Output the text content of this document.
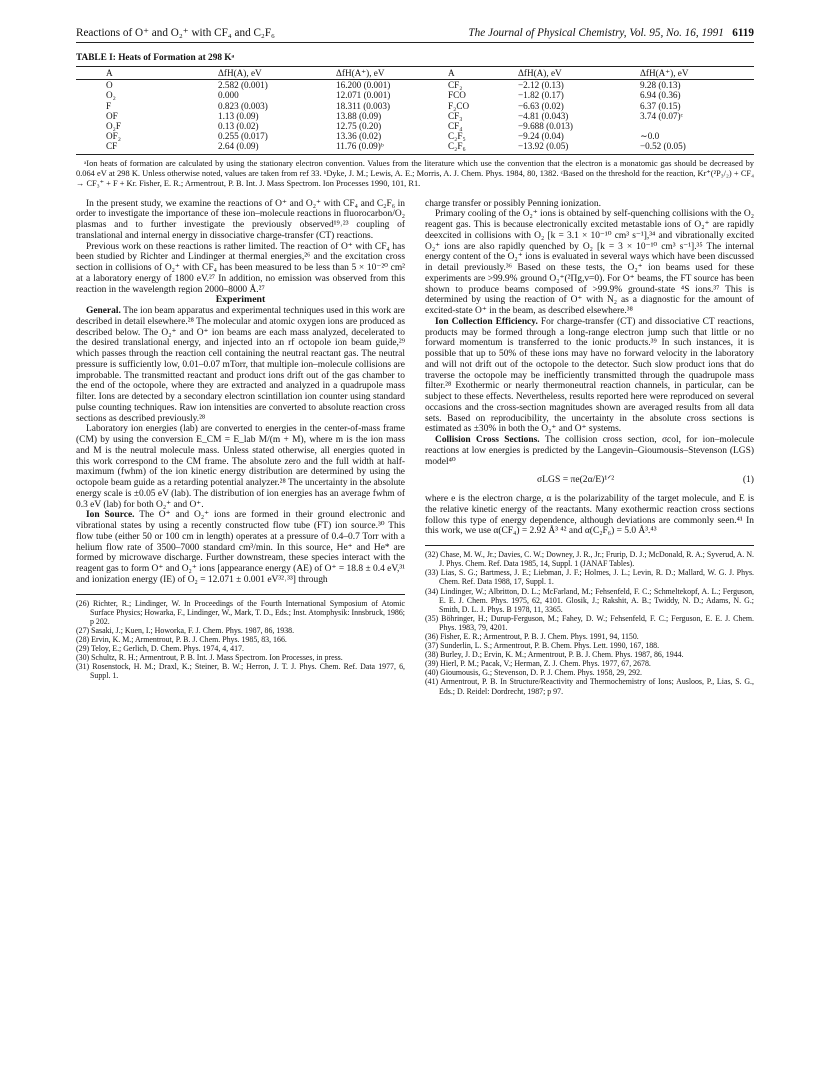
Reactions of O⁺ and O₂⁺ with CF₄ and C₂F₆	The Journal of Physical Chemistry, Vol. 95, No. 16, 1991 6119
TABLE I: Heats of Formation at 298 Kᵃ
A	ΔfH(A), eV	ΔfH(A⁺), eV	A	ΔfH(A), eV	ΔfH(A⁺), eV
O	2.582 (0.001)	16.200 (0.001)	CF₂	−2.12 (0.13)	9.28 (0.13)
O₂	0.000	12.071 (0.001)	FCO	−1.82 (0.17)	6.94 (0.36)
F	0.823 (0.003)	18.311 (0.003)	F₂CO	−6.63 (0.02)	6.37 (0.15)
OF	1.13 (0.09)	13.88 (0.09)	CF₃	−4.81 (0.043)	3.74 (0.07)ᶜ
O₂F	0.13 (0.02)	12.75 (0.20)	CF₄	−9.688 (0.013)	
OF₂	0.255 (0.017)	13.36 (0.02)	C₂F₅	−9.24 (0.04)	∼0.0
CF	2.64 (0.09)	11.76 (0.09)ᵇ	C₂F₆	−13.92 (0.05)	−0.52 (0.05)
ᵃIon heats of formation are calculated by using the stationary electron convention. Values from the literature which use the convention that the electron is a monatomic gas should be decreased by 0.064 eV at 298 K. Unless otherwise noted, values are taken from ref 33. ᵇDyke, J. M.; Lewis, A. E.; Morris, A. J. Chem. Phys. 1984, 80, 1382. ᶜBased on the threshold for the reaction, Kr⁺(²P₃/₂) + CF₄ → CF₃⁺ + F + Kr. Fisher, E. R.; Armentrout, P. B. Int. J. Mass Spectrom. Ion Processes 1990, 101, R1.

In the present study, we examine the reactions of O⁺ and O₂⁺ with CF₄ and C₂F₆ in order to investigate the importance of these ion–molecule reactions in fluorocarbon/O₂ plasmas and to further investigate the previously observed¹⁹˒²³ coupling of translational and internal energy in dissociative charge-transfer (CT) reactions.

Previous work on these reactions is rather limited. The reaction of O⁺ with CF₄ has been studied by Richter and Lindinger at thermal energies,²⁶ and the excitation cross section in collisions of O₂⁺ with CF₄ has been measured to be less than 5 × 10⁻²⁰ cm² at a laboratory energy of 1800 eV.²⁷ In addition, no emission was observed from this reaction in the wavelength region 2000–8000 Å.²⁷

Experiment

General. The ion beam apparatus and experimental techniques used in this work are described in detail elsewhere.²⁸ The molecular and atomic oxygen ions are produced as described below. The O₂⁺ and O⁺ ion beams are each mass analyzed, decelerated to the desired translational energy, and injected into an rf octopole ion beam guide,²⁹ which passes through the reaction cell containing the neutral reactant gas. The neutral pressure is sufficiently low, 0.01–0.07 mTorr, that multiple ion–molecule collisions are improbable. The transmitted reactant and product ions drift out of the gas chamber to the end of the octopole, where they are extracted and analyzed in a quadrupole mass filter. Ions are detected by a secondary electron scintillation ion counter using standard pulse counting techniques. Raw ion intensities are converted to absolute reaction cross sections as described previously.²⁸

Laboratory ion energies (lab) are converted to energies in the center-of-mass frame (CM) by using the conversion E_CM = E_lab M/(m + M), where m is the ion mass and M is the neutral molecule mass. Unless stated otherwise, all energies quoted in this work correspond to the CM frame. The absolute zero and the full width at half-maximum (fwhm) of the ion kinetic energy distribution are determined by using the octopole beam guide as a retarding potential analyzer.²⁸ The uncertainty in the absolute energy scale is ±0.05 eV (lab). The distribution of ion energies has an average fwhm of 0.3 eV (lab) for both O₂⁺ and O⁺.

Ion Source. The O⁺ and O₂⁺ ions are formed in their ground electronic and vibrational states by using a recently constructed flow tube (FT) ion source.³⁰ This flow tube (either 50 or 100 cm in length) operates at a pressure of 0.4–0.7 Torr with a helium flow rate of 3500–7000 standard cm³/min. In this source, He⁺ and He* are formed by microwave discharge. Further downstream, these species interact with the reagent gas to form O⁺ and O₂⁺ ions [appearance energy (AE) of O⁺ = 18.8 ± 0.4 eV,³¹ and ionization energy (IE) of O₂ = 12.071 ± 0.001 eV³²˒³³] through

(26) Richter, R.; Lindinger, W. In Proceedings of the Fourth International Symposium of Atomic Surface Physics; Howarka, F., Lindinger, W., Mark, T. D., Eds.; Inst. Atomphysik: Innsbruck, 1986; p 202.
(27) Sasaki, J.; Kuen, I.; Howorka, F. J. Chem. Phys. 1987, 86, 1938.
(28) Ervin, K. M.; Armentrout, P. B. J. Chem. Phys. 1985, 83, 166.
(29) Teloy, E.; Gerlich, D. Chem. Phys. 1974, 4, 417.
(30) Schultz, R. H.; Armentrout, P. B. Int. J. Mass Spectrom. Ion Processes, in press.
(31) Rosenstock, H. M.; Draxl, K.; Steiner, B. W.; Herron, J. T. J. Phys. Chem. Ref. Data 1977, 6, Suppl. 1.

charge transfer or possibly Penning ionization.

Primary cooling of the O₂⁺ ions is obtained by self-quenching collisions with the O₂ reagent gas. This is because electronically excited metastable ions of O₂⁺ are rapidly deexcited in collisions with O₂ [k = 3.1 × 10⁻¹⁰ cm³ s⁻¹],³⁴ and vibrationally excited O₂⁺ ions are also rapidly quenched by O₂ [k = 3 × 10⁻¹⁰ cm³ s⁻¹].³⁵ The internal energy content of the O₂⁺ ions is evaluated in several ways which have been discussed in detail previously.³⁶ Based on these tests, the O₂⁺ ion beams used for these experiments are >99.9% ground O₂⁺(²Πg,v=0). For O⁺ beams, the FT source has been shown to produce beams composed of >99.9% ground-state ⁴S ions.³⁷ This is determined by using the reaction of O⁺ with N₂ as a diagnostic for the amount of excited-state O⁺ in the beam, as described elsewhere.³⁸

Ion Collection Efficiency. For charge-transfer (CT) and dissociative CT reactions, products may be formed through a long-range electron jump such that little or no forward momentum is transferred to the ionic products.³⁹ In such instances, it is possible that up to 50% of these ions may have no forward velocity in the laboratory and will not drift out of the octopole to the detector. Such slow product ions that do traverse the octopole may be inefficiently transmitted through the quadrupole mass filter.²⁸ Exothermic or nearly thermoneutral reaction channels, in particular, can be subject to these effects. Nevertheless, results reported here were reproduced on several occasions and the cross-section magnitudes shown are averaged results from all data sets. Based on reproducibility, the uncertainty in the absolute cross sections is estimated as ±30% in both the O₂⁺ and O⁺ systems.

Collision Cross Sections. The collision cross section, σcol, for ion–molecule reactions at low energies is predicted by the Langevin–Gioumousis–Stevenson (LGS) model⁴⁰

σLGS = πe(2α/E)¹ᐟ²	(1)

where e is the electron charge, α is the polarizability of the target molecule, and E is the relative kinetic energy of the reactants. Many exothermic reaction cross sections follow this type of energy dependence, although deviations are commonly seen.⁴¹ In this work, we use α(CF₄) = 2.92 Å³ ⁴² and α(C₂F₆) = 5.0 Å³.⁴³

(32) Chase, M. W., Jr.; Davies, C. W.; Downey, J. R., Jr.; Frurip, D. J.; McDonald, R. A.; Syverud, A. N. J. Phys. Chem. Ref. Data 1985, 14, Suppl. 1 (JANAF Tables).
(33) Lias, S. G.; Bartmess, J. E.; Liebman, J. F.; Holmes, J. L.; Levin, R. D.; Mallard, W. G. J. Phys. Chem. Ref. Data 1988, 17, Suppl. 1.
(34) Lindinger, W.; Albritton, D. L.; McFarland, M.; Fehsenfeld, F. C.; Schmeltekopf, A. L.; Ferguson, E. E. J. Chem. Phys. 1975, 62, 4101. Glosik, J.; Rakshit, A. B.; Twiddy, N. D.; Adams, N. G.; Smith, D. L. J. Phys. B 1978, 11, 3365.
(35) Böhringer, H.; Durup-Ferguson, M.; Fahey, D. W.; Fehsenfeld, F. C.; Ferguson, E. E. J. Chem. Phys. 1983, 79, 4201.
(36) Fisher, E. R.; Armentrout, P. B. J. Chem. Phys. 1991, 94, 1150.
(37) Sunderlin, L. S.; Armentrout, P. B. Chem. Phys. Lett. 1990, 167, 188.
(38) Burley, J. D.; Ervin, K. M.; Armentrout, P. B. J. Chem. Phys. 1987, 86, 1944.
(39) Hierl, P. M.; Pacak, V.; Herman, Z. J. Chem. Phys. 1977, 67, 2678.
(40) Gioumousis, G.; Stevenson, D. P. J. Chem. Phys. 1958, 29, 292.
(41) Armentrout, P. B. In Structure/Reactivity and Thermochemistry of Ions; Ausloos, P., Lias, S. G., Eds.; D. Reidel: Dordrecht, 1987; p 97.
